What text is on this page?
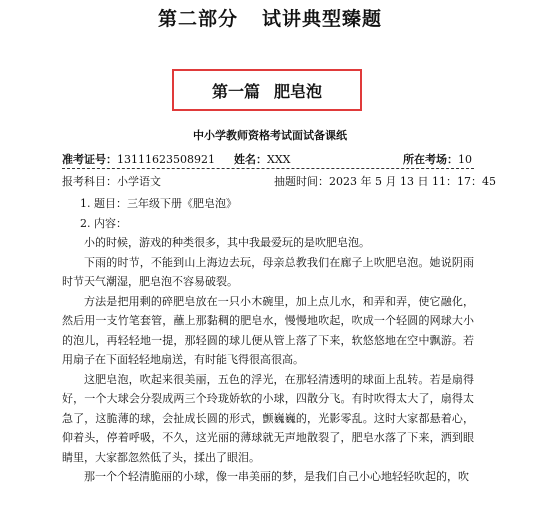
第二部分 试讲典型臻题
第一篇 肥皂泡
中小学教师资格考试面试备课纸
准考证号：13111623508921 姓名：XXX	所在考场：10
报考科目：小学语文	抽题时间：2023 年 5 月 13 日 11：17：45

1. 题目：三年级下册《肥皂泡》

2. 内容：

小的时候，游戏的种类很多，其中我最爱玩的是吹肥皂泡。

下雨的时节，不能到山上海边去玩，母亲总教我们在廊子上吹肥皂泡。她说阴雨时节天气潮湿，肥皂泡不容易破裂。

方法是把用剩的碎肥皂放在一只小木碗里，加上点儿水，和弄和弄，使它融化，然后用一支竹笔套管，蘸上那黏稠的肥皂水，慢慢地吹起，吹成一个轻圆的网球大小的泡儿，再轻轻地一提，那轻圆的球儿便从管上落了下来，软悠悠地在空中飘游。若用扇子在下面轻轻地扇送，有时能飞得很高很高。

这肥皂泡，吹起来很美丽，五色的浮光，在那轻清透明的球面上乱转。若是扇得好，一个大球会分裂成两三个玲珑娇软的小球，四散分飞。有时吹得太大了，扇得太急了，这脆薄的球，会扯成长圆的形式，颤巍巍的，光影零乱。这时大家都悬着心，仰着头，停着呼吸，不久，这光丽的薄球就无声地散裂了，肥皂水落了下来，洒到眼睛里，大家都忽然低了头，揉出了眼泪。

那一个个轻清脆丽的小球，像一串美丽的梦，是我们自己小心地轻轻吹起的，吹
